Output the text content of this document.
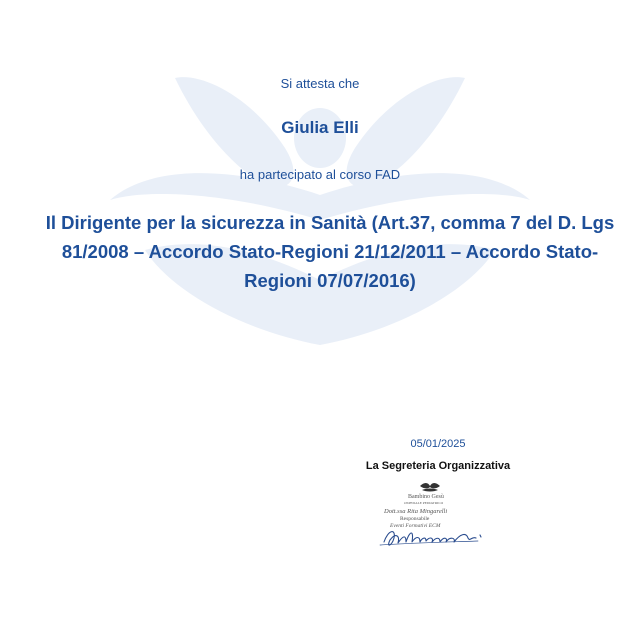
Si attesta che
Giulia Elli
ha partecipato al corso FAD
Il Dirigente per la sicurezza in Sanità (Art.37, comma 7 del D. Lgs 81/2008 – Accordo Stato-Regioni 21/12/2011 – Accordo Stato-Regioni 07/07/2016)
05/01/2025
La Segreteria Organizzativa
Bambino Gesù
OSPEDALE PEDIATRICO
Dott.ssa Rita Mingarelli
Responsabile
Eventi Formativi ECM
